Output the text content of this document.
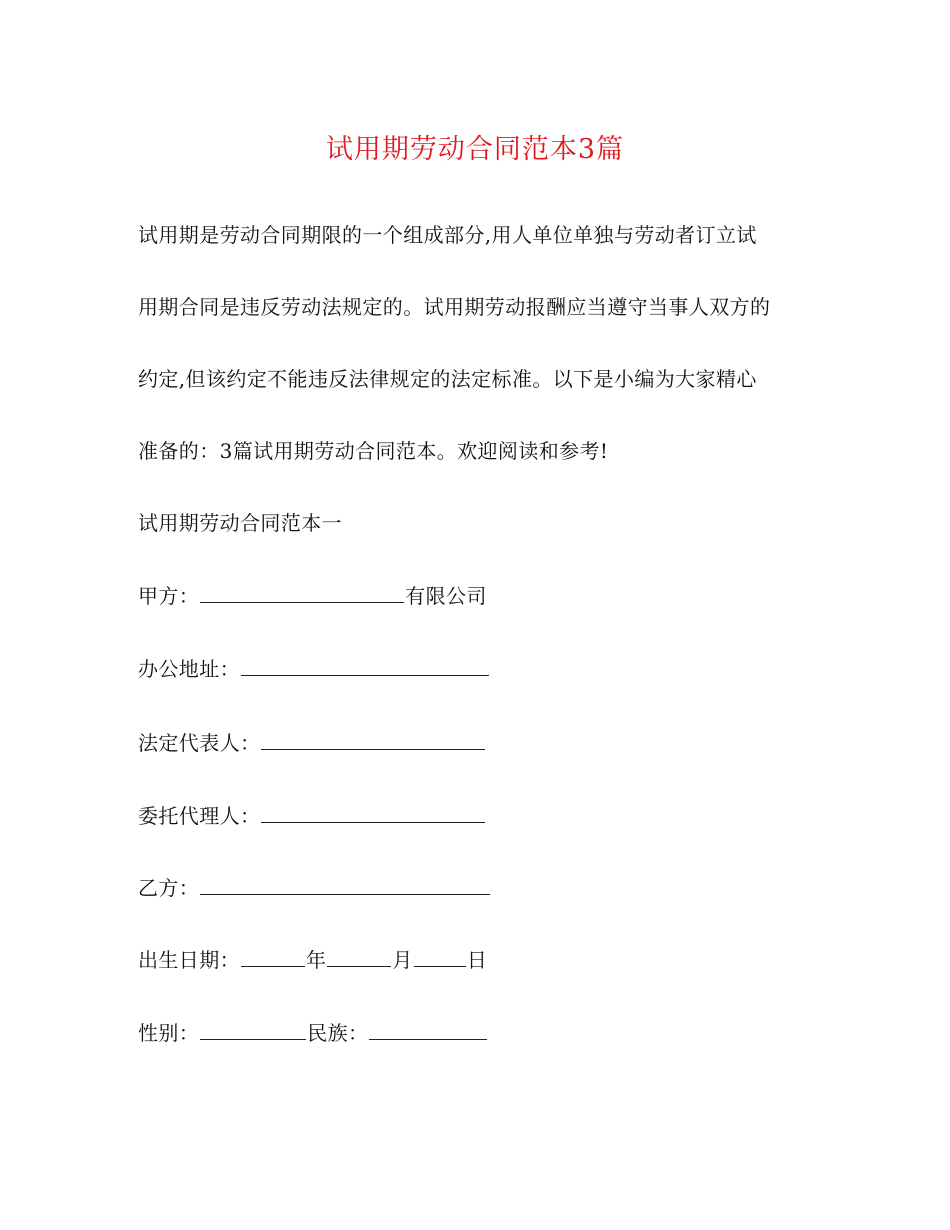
试用期劳动合同范本3篇
试用期是劳动合同期限的一个组成部分,用人单位单独与劳动者订立试
用期合同是违反劳动法规定的。试用期劳动报酬应当遵守当事人双方的
约定,但该约定不能违反法律规定的法定标准。以下是小编为大家精心
准备的：3篇试用期劳动合同范本。欢迎阅读和参考!
试用期劳动合同范本一
甲方：	有限公司
办公地址：
法定代表人：
委托代理人：
乙方：
出生日期：	年	月	日
性别：	民族：
